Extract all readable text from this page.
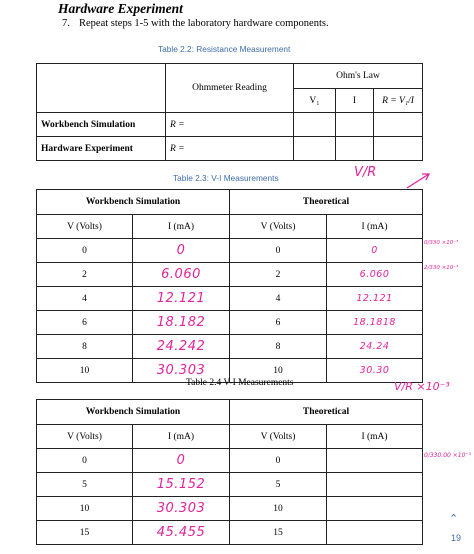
Hardware Experiment
7. Repeat steps 1-5 with the laboratory hardware components.
Table 2.2: Resistance Measurement
	Ohmmeter Reading	Ohm's Law		
		V₁	I	R = V₁/I
Workbench Simulation	R =			
Hardware Experiment	R =			
Table 2.3: V-I Measurements	V/R
Workbench Simulation		Theoretical	
V (Volts)	I (mA)	V (Volts)	I (mA)
0	0	0	0
2	6.060	2	6.060
4	12.121	4	12.121
6	18.182	6	18.1818
8	24.242	8	24.24
10	30.303	10	30.30
0/330 ×10⁻³
2/330 ×10⁻³
Table 2.4 V-I Measurements	V/R ×10⁻³
Workbench Simulation		Theoretical	
V (Volts)	I (mA)	V (Volts)	I (mA)
0	0	0	
5	15.152	5	
10	30.303	10	
15	45.455	15	
0/330.00 ×10⁻³
⌃
19
